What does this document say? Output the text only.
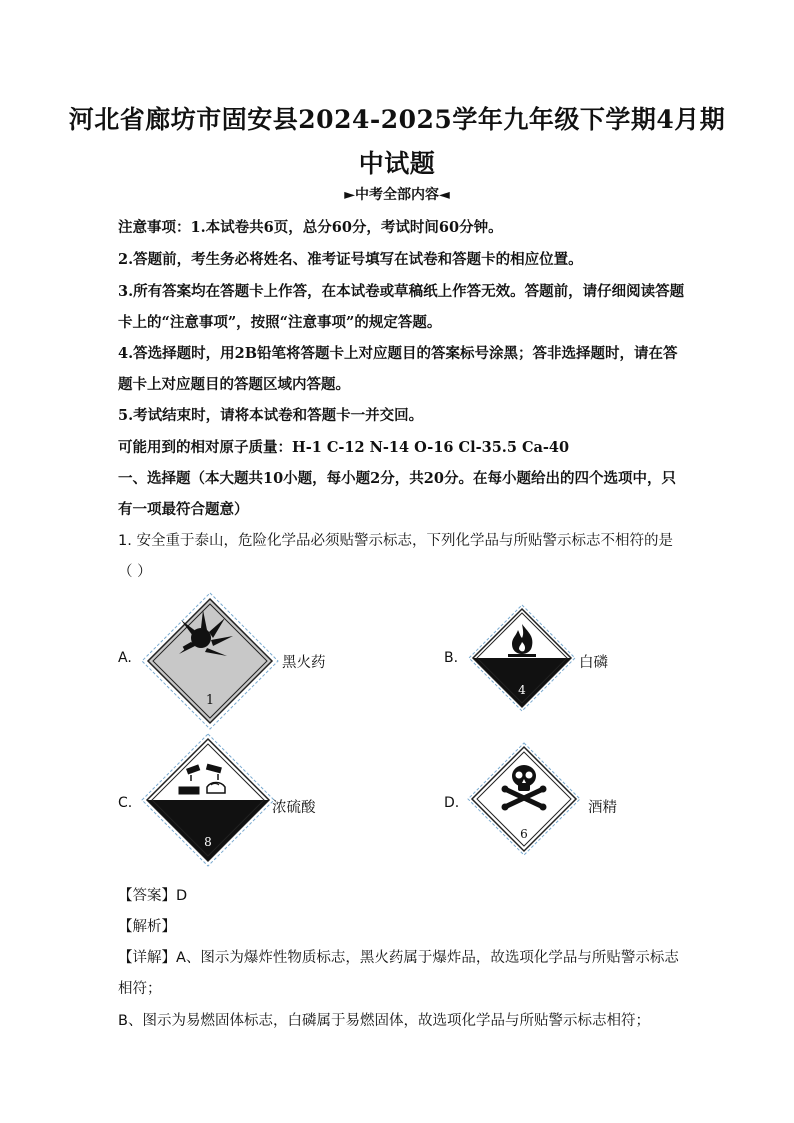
河北省廊坊市固安县2024-2025学年九年级下学期4月期
中试题
►中考全部内容◄
注意事项：1.本试卷共6页，总分60分，考试时间60分钟。
2.答题前，考生务必将姓名、准考证号填写在试卷和答题卡的相应位置。
3.所有答案均在答题卡上作答，在本试卷或草稿纸上作答无效。答题前，请仔细阅读答题
卡上的“注意事项”，按照“注意事项”的规定答题。
4.答选择题时，用2B铅笔将答题卡上对应题目的答案标号涂黑；答非选择题时，请在答
题卡上对应题目的答题区域内答题。
5.考试结束时，请将本试卷和答题卡一并交回。
可能用到的相对原子质量：H-1 C-12 N-14 O-16 Cl-35.5 Ca-40
一、选择题（本大题共10小题，每小题2分，共20分。在每小题给出的四个选项中，只
有一项最符合题意）
1. 安全重于泰山，危险化学品必须贴警示标志，下列化学品与所贴警示标志不相符的是
（ ）
A.
1
黑火药	B.
4
白磷
C.
8
浓硫酸	D.
6
酒精
【答案】D
【解析】
【详解】A、图示为爆炸性物质标志，黑火药属于爆炸品，故选项化学品与所贴警示标志
相符；
B、图示为易燃固体标志，白磷属于易燃固体，故选项化学品与所贴警示标志相符；
